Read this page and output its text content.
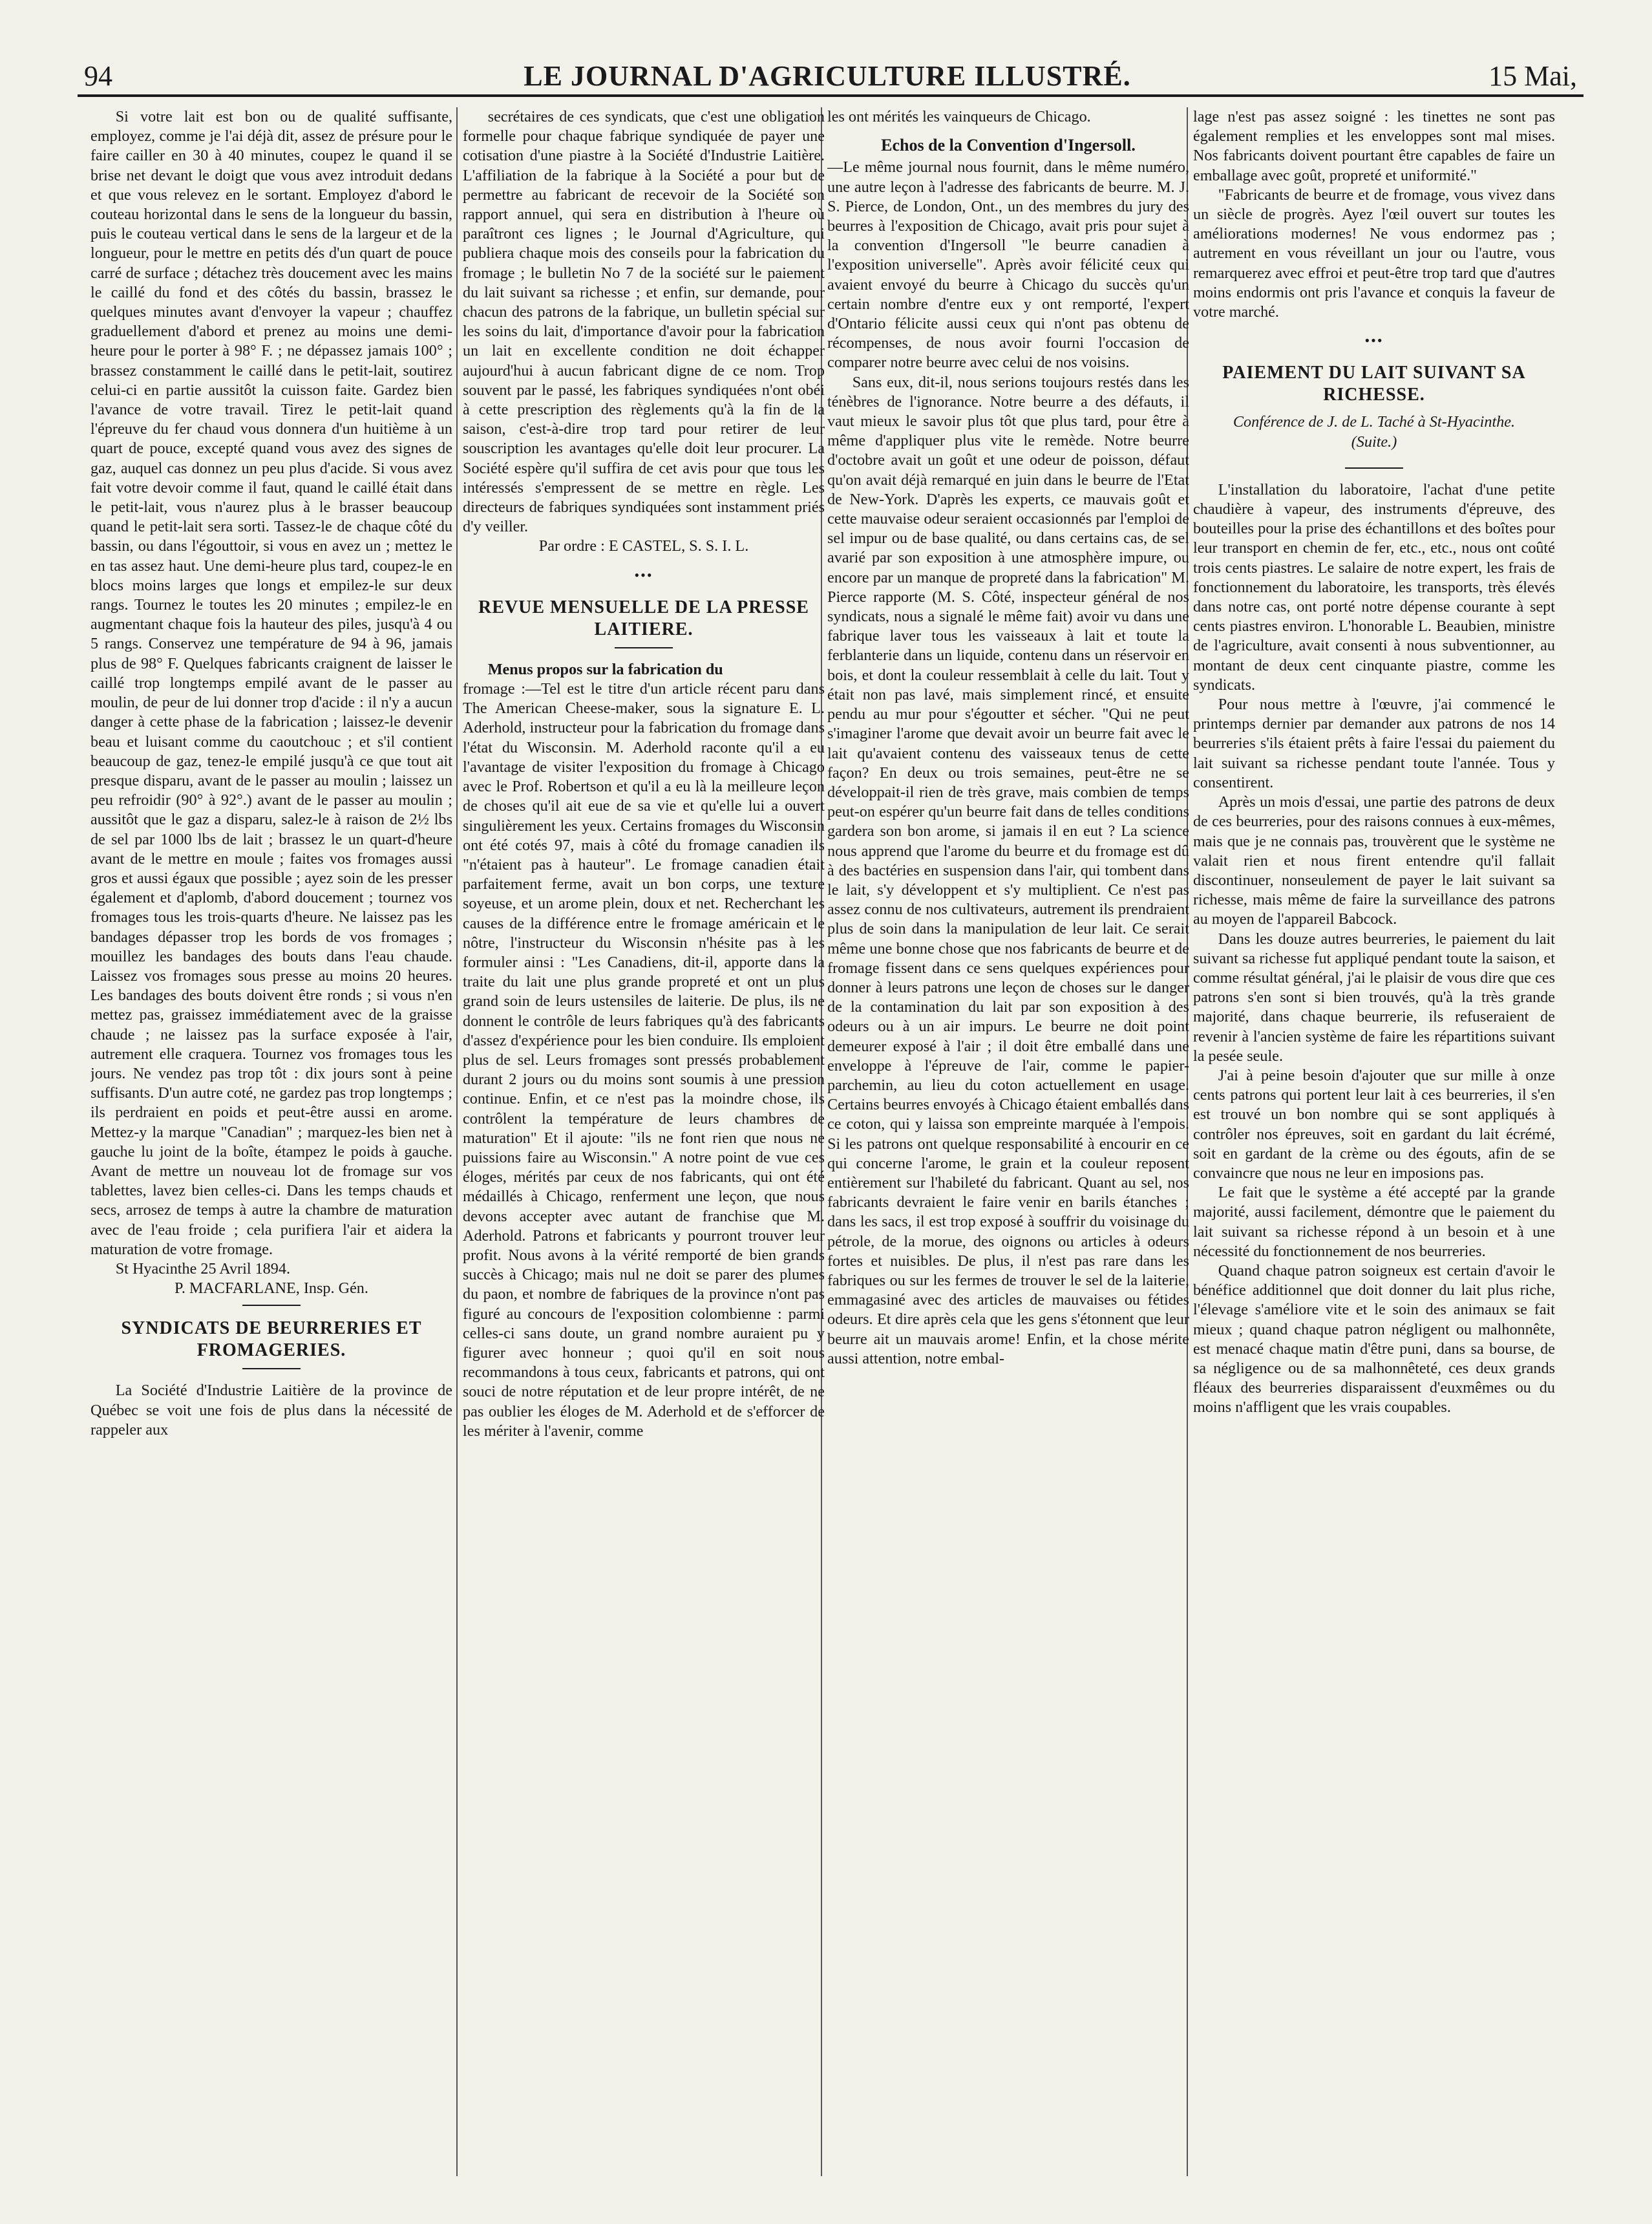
94	LE JOURNAL D'AGRICULTURE ILLUSTRÉ.	15 Mai,

Si votre lait est bon ou de qualité suffisante, employez, comme je l'ai déjà dit, assez de présure pour le faire cailler en 30 à 40 minutes, coupez le quand il se brise net devant le doigt que vous avez introduit dedans et que vous relevez en le sortant. Employez d'abord le couteau horizontal dans le sens de la longueur du bassin, puis le couteau vertical dans le sens de la largeur et de la longueur, pour le mettre en petits dés d'un quart de pouce carré de surface ; détachez très doucement avec les mains le caillé du fond et des côtés du bassin, brassez le quelques minutes avant d'envoyer la vapeur ; chauffez graduellement d'abord et prenez au moins une demi-heure pour le porter à 98° F. ; ne dépassez jamais 100° ; brassez constamment le caillé dans le petit-lait, soutirez celui-ci en partie aussitôt la cuisson faite. Gardez bien l'avance de votre travail. Tirez le petit-lait quand l'épreuve du fer chaud vous donnera d'un huitième à un quart de pouce, excepté quand vous avez des signes de gaz, auquel cas donnez un peu plus d'acide. Si vous avez fait votre devoir comme il faut, quand le caillé était dans le petit-lait, vous n'aurez plus à le brasser beaucoup quand le petit-lait sera sorti. Tassez-le de chaque côté du bassin, ou dans l'égouttoir, si vous en avez un ; mettez le en tas assez haut. Une demi-heure plus tard, coupez-le en blocs moins larges que longs et empilez-le sur deux rangs. Tournez le toutes les 20 minutes ; empilez-le en augmentant chaque fois la hauteur des piles, jusqu'à 4 ou 5 rangs. Conservez une température de 94 à 96, jamais plus de 98° F. Quelques fabricants craignent de laisser le caillé trop longtemps empilé avant de le passer au moulin, de peur de lui donner trop d'acide : il n'y a aucun danger à cette phase de la fabrication ; laissez-le devenir beau et luisant comme du caoutchouc ; et s'il contient beaucoup de gaz, tenez-le empilé jusqu'à ce que tout ait presque disparu, avant de le passer au moulin ; laissez un peu refroidir (90° à 92°.) avant de le passer au moulin ; aussitôt que le gaz a disparu, salez-le à raison de 2½ lbs de sel par 1000 lbs de lait ; brassez le un quart-d'heure avant de le mettre en moule ; faites vos fromages aussi gros et aussi égaux que possible ; ayez soin de les presser également et d'aplomb, d'abord doucement ; tournez vos fromages tous les trois-quarts d'heure. Ne laissez pas les bandages dépasser trop les bords de vos fromages ; mouillez les bandages des bouts dans l'eau chaude. Laissez vos fromages sous presse au moins 20 heures. Les bandages des bouts doivent être ronds ; si vous n'en mettez pas, graissez immédiatement avec de la graisse chaude ; ne laissez pas la surface exposée à l'air, autrement elle craquera. Tournez vos fromages tous les jours. Ne vendez pas trop tôt : dix jours sont à peine suffisants. D'un autre coté, ne gardez pas trop longtemps ; ils perdraient en poids et peut-être aussi en arome. Mettez-y la marque "Canadian" ; marquez-les bien net à gauche lu joint de la boîte, étampez le poids à gauche. Avant de mettre un nouveau lot de fromage sur vos tablettes, lavez bien celles-ci. Dans les temps chauds et secs, arrosez de temps à autre la chambre de maturation avec de l'eau froide ; cela purifiera l'air et aidera la maturation de votre fromage.

St Hyacinthe 25 Avril 1894.

P. MACFARLANE, Insp. Gén.

SYNDICATS DE BEURRERIES ET FROMAGERIES.

La Société d'Industrie Laitière de la province de Québec se voit une fois de plus dans la nécessité de rappeler aux

secrétaires de ces syndicats, que c'est une obligation formelle pour chaque fabrique syndiquée de payer une cotisation d'une piastre à la Société d'Industrie Laitière. L'affiliation de la fabrique à la Société a pour but de permettre au fabricant de recevoir de la Société son rapport annuel, qui sera en distribution à l'heure où paraîtront ces lignes ; le Journal d'Agriculture, qui publiera chaque mois des conseils pour la fabrication du fromage ; le bulletin No 7 de la société sur le paiement du lait suivant sa richesse ; et enfin, sur demande, pour chacun des patrons de la fabrique, un bulletin spécial sur les soins du lait, d'importance d'avoir pour la fabrication un lait en excellente condition ne doit échapper aujourd'hui à aucun fabricant digne de ce nom. Trop souvent par le passé, les fabriques syndiquées n'ont obéi à cette prescription des règlements qu'à la fin de la saison, c'est-à-dire trop tard pour retirer de leur souscription les avantages qu'elle doit leur procurer. La Société espère qu'il suffira de cet avis pour que tous les intéressés s'empressent de se mettre en règle. Les directeurs de fabriques syndiquées sont instamment priés d'y veiller.

Par ordre : E CASTEL, S. S. I. L.

•••
REVUE MENSUELLE DE LA PRESSE LAITIERE.

Menus propos sur la fabrication du

fromage :—Tel est le titre d'un article récent paru dans The American Cheese-maker, sous la signature E. L. Aderhold, instructeur pour la fabrication du fromage dans l'état du Wisconsin. M. Aderhold raconte qu'il a eu l'avantage de visiter l'exposition du fromage à Chicago avec le Prof. Robertson et qu'il a eu là la meilleure leçon de choses qu'il ait eue de sa vie et qu'elle lui a ouvert singulièrement les yeux. Certains fromages du Wisconsin ont été cotés 97, mais à côté du fromage canadien ils "n'étaient pas à hauteur". Le fromage canadien était parfaitement ferme, avait un bon corps, une texture soyeuse, et un arome plein, doux et net. Recherchant les causes de la différence entre le fromage américain et le nôtre, l'instructeur du Wisconsin n'hésite pas à les formuler ainsi : "Les Canadiens, dit-il, apporte dans la traite du lait une plus grande propreté et ont un plus grand soin de leurs ustensiles de laiterie. De plus, ils ne donnent le contrôle de leurs fabriques qu'à des fabricants d'assez d'expérience pour les bien conduire. Ils emploient plus de sel. Leurs fromages sont pressés probablement durant 2 jours ou du moins sont soumis à une pression continue. Enfin, et ce n'est pas la moindre chose, ils contrôlent la température de leurs chambres de maturation" Et il ajoute: "ils ne font rien que nous ne puissions faire au Wisconsin." A notre point de vue ces éloges, mérités par ceux de nos fabricants, qui ont été médaillés à Chicago, renferment une leçon, que nous devons accepter avec autant de franchise que M. Aderhold. Patrons et fabricants y pourront trouver leur profit. Nous avons à la vérité remporté de bien grands succès à Chicago; mais nul ne doit se parer des plumes du paon, et nombre de fabriques de la province n'ont pas figuré au concours de l'exposition colombienne : parmi celles-ci sans doute, un grand nombre auraient pu y figurer avec honneur ; quoi qu'il en soit nous recommandons à tous ceux, fabricants et patrons, qui ont souci de notre réputation et de leur propre intérêt, de ne pas oublier les éloges de M. Aderhold et de s'efforcer de les mériter à l'avenir, comme

les ont mérités les vainqueurs de Chicago.

Echos de la Convention d'Ingersoll.

—Le même journal nous fournit, dans le même numéro, une autre leçon à l'adresse des fabricants de beurre. M. J. S. Pierce, de London, Ont., un des membres du jury des beurres à l'exposition de Chicago, avait pris pour sujet à la convention d'Ingersoll "le beurre canadien à l'exposition universelle". Après avoir félicité ceux qui avaient envoyé du beurre à Chicago du succès qu'un certain nombre d'entre eux y ont remporté, l'expert d'Ontario félicite aussi ceux qui n'ont pas obtenu de récompenses, de nous avoir fourni l'occasion de comparer notre beurre avec celui de nos voisins.

Sans eux, dit-il, nous serions toujours restés dans les ténèbres de l'ignorance. Notre beurre a des défauts, il vaut mieux le savoir plus tôt que plus tard, pour être à même d'appliquer plus vite le remède. Notre beurre d'octobre avait un goût et une odeur de poisson, défaut qu'on avait déjà remarqué en juin dans le beurre de l'Etat de New-York. D'après les experts, ce mauvais goût et cette mauvaise odeur seraient occasionnés par l'emploi de sel impur ou de base qualité, ou dans certains cas, de sel avarié par son exposition à une atmosphère impure, ou encore par un manque de propreté dans la fabrication" M. Pierce rapporte (M. S. Côté, inspecteur général de nos syndicats, nous a signalé le même fait) avoir vu dans une fabrique laver tous les vaisseaux à lait et toute la ferblanterie dans un liquide, contenu dans un réservoir en bois, et dont la couleur ressemblait à celle du lait. Tout y était non pas lavé, mais simplement rincé, et ensuite pendu au mur pour s'égoutter et sécher. "Qui ne peut s'imaginer l'arome que devait avoir un beurre fait avec le lait qu'avaient contenu des vaisseaux tenus de cette façon? En deux ou trois semaines, peut-être ne se développait-il rien de très grave, mais combien de temps peut-on espérer qu'un beurre fait dans de telles conditions gardera son bon arome, si jamais il en eut ? La science nous apprend que l'arome du beurre et du fromage est dû à des bactéries en suspension dans l'air, qui tombent dans le lait, s'y développent et s'y multiplient. Ce n'est pas assez connu de nos cultivateurs, autrement ils prendraient plus de soin dans la manipulation de leur lait. Ce serait même une bonne chose que nos fabricants de beurre et de fromage fissent dans ce sens quelques expériences pour donner à leurs patrons une leçon de choses sur le danger de la contamination du lait par son exposition à des odeurs ou à un air impurs. Le beurre ne doit point demeurer exposé à l'air ; il doit être emballé dans une enveloppe à l'épreuve de l'air, comme le papier-parchemin, au lieu du coton actuellement en usage. Certains beurres envoyés à Chicago étaient emballés dans ce coton, qui y laissa son empreinte marquée à l'empois. Si les patrons ont quelque responsabilité à encourir en ce qui concerne l'arome, le grain et la couleur reposent entièrement sur l'habileté du fabricant. Quant au sel, nos fabricants devraient le faire venir en barils étanches ; dans les sacs, il est trop exposé à souffrir du voisinage du pétrole, de la morue, des oignons ou articles à odeurs fortes et nuisibles. De plus, il n'est pas rare dans les fabriques ou sur les fermes de trouver le sel de la laiterie, emmagasiné avec des articles de mauvaises ou fétides odeurs. Et dire après cela que les gens s'étonnent que leur beurre ait un mauvais arome! Enfin, et la chose mérite aussi attention, notre embal-

lage n'est pas assez soigné : les tinettes ne sont pas également remplies et les enveloppes sont mal mises. Nos fabricants doivent pourtant être capables de faire un emballage avec goût, propreté et uniformité."

"Fabricants de beurre et de fromage, vous vivez dans un siècle de progrès. Ayez l'œil ouvert sur toutes les améliorations modernes! Ne vous endormez pas ; autrement en vous réveillant un jour ou l'autre, vous remarquerez avec effroi et peut-être trop tard que d'autres moins endormis ont pris l'avance et conquis la faveur de votre marché.

•••
PAIEMENT DU LAIT SUIVANT SA RICHESSE.

Conférence de J. de L. Taché à St-Hyacinthe.

(Suite.)

L'installation du laboratoire, l'achat d'une petite chaudière à vapeur, des instruments d'épreuve, des bouteilles pour la prise des échantillons et des boîtes pour leur transport en chemin de fer, etc., etc., nous ont coûté trois cents piastres. Le salaire de notre expert, les frais de fonctionnement du laboratoire, les transports, très élevés dans notre cas, ont porté notre dépense courante à sept cents piastres environ. L'honorable L. Beaubien, ministre de l'agriculture, avait consenti à nous subventionner, au montant de deux cent cinquante piastre, comme les syndicats.

Pour nous mettre à l'œuvre, j'ai commencé le printemps dernier par demander aux patrons de nos 14 beurreries s'ils étaient prêts à faire l'essai du paiement du lait suivant sa richesse pendant toute l'année. Tous y consentirent.

Après un mois d'essai, une partie des patrons de deux de ces beurreries, pour des raisons connues à eux-mêmes, mais que je ne connais pas, trouvèrent que le système ne valait rien et nous firent entendre qu'il fallait discontinuer, nonseulement de payer le lait suivant sa richesse, mais même de faire la surveillance des patrons au moyen de l'appareil Babcock.

Dans les douze autres beurreries, le paiement du lait suivant sa richesse fut appliqué pendant toute la saison, et comme résultat général, j'ai le plaisir de vous dire que ces patrons s'en sont si bien trouvés, qu'à la très grande majorité, dans chaque beurrerie, ils refuseraient de revenir à l'ancien système de faire les répartitions suivant la pesée seule.

J'ai à peine besoin d'ajouter que sur mille à onze cents patrons qui portent leur lait à ces beurreries, il s'en est trouvé un bon nombre qui se sont appliqués à contrôler nos épreuves, soit en gardant du lait écrémé, soit en gardant de la crème ou des égouts, afin de se convaincre que nous ne leur en imposions pas.

Le fait que le système a été accepté par la grande majorité, aussi facilement, démontre que le paiement du lait suivant sa richesse répond à un besoin et à une nécessité du fonctionnement de nos beurreries.

Quand chaque patron soigneux est certain d'avoir le bénéfice additionnel que doit donner du lait plus riche, l'élevage s'améliore vite et le soin des animaux se fait mieux ; quand chaque patron négligent ou malhonnête, est menacé chaque matin d'être puni, dans sa bourse, de sa négligence ou de sa malhonnêteté, ces deux grands fléaux des beurreries disparaissent d'euxmêmes ou du moins n'affligent que les vrais coupables.
